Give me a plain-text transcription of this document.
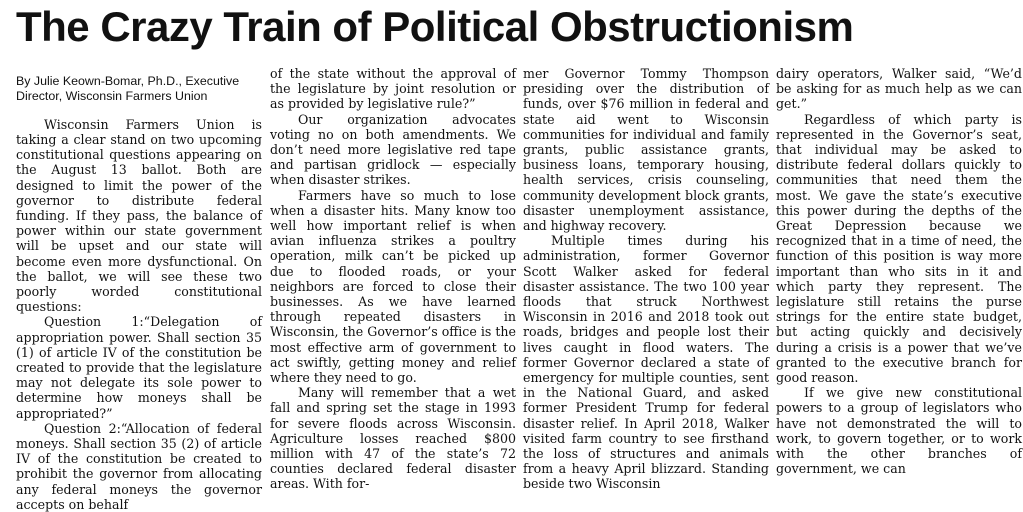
The Crazy Train of Political Obstructionism
By Julie Keown-Bomar, Ph.D., Executive
Director, Wisconsin Farmers Union

Wisconsin Farmers Union is taking a clear stand on two upcoming constitutional questions appearing on the August 13 ballot. Both are designed to limit the power of the governor to distribute federal funding. If they pass, the balance of power within our state government will be upset and our state will become even more dysfunctional. On the ballot, we will see these two poorly worded constitutional questions:

Question 1:“Delegation of appropriation power. Shall section 35 (1) of article IV of the constitution be created to provide that the legislature may not delegate its sole power to determine how moneys shall be appropriated?”

Question 2:“Allocation of federal moneys. Shall section 35 (2) of article IV of the constitution be created to prohibit the governor from allocating any federal moneys the governor accepts on behalf

of the state without the approval of the legislature by joint resolution or as provided by legislative rule?”

Our organization advocates voting no on both amendments. We don’t need more legislative red tape and partisan gridlock — especially when disaster strikes.

Farmers have so much to lose when a disaster hits. Many know too well how important relief is when avian influenza strikes a poultry operation, milk can’t be picked up due to flooded roads, or your neighbors are forced to close their businesses. As we have learned through repeated disasters in Wisconsin, the Governor’s office is the most effective arm of government to act swiftly, getting money and relief where they need to go.

Many will remember that a wet fall and spring set the stage in 1993 for severe floods across Wisconsin. Agriculture losses reached $800 million with 47 of the state’s 72 counties declared federal disaster areas. With for-

mer Governor Tommy Thompson presiding over the distribution of funds, over $76 million in federal and state aid went to Wisconsin communities for individual and family grants, public assistance grants, business loans, temporary housing, health services, crisis counseling, community development block grants, disaster unemployment assistance, and highway recovery.

Multiple times during his administration, former Governor Scott Walker asked for federal disaster assistance. The two 100 year floods that struck Northwest Wisconsin in 2016 and 2018 took out roads, bridges and people lost their lives caught in flood waters. The former Governor declared a state of emergency for multiple counties, sent in the National Guard, and asked former President Trump for federal disaster relief. In April 2018, Walker visited farm country to see firsthand the loss of structures and animals from a heavy April blizzard. Standing beside two Wisconsin

dairy operators, Walker said, “We’d be asking for as much help as we can get.”

Regardless of which party is represented in the Governor’s seat, that individual may be asked to distribute federal dollars quickly to communities that need them the most. We gave the state’s executive this power during the depths of the Great Depression because we recognized that in a time of need, the function of this position is way more important than who sits in it and which party they represent. The legislature still retains the purse strings for the entire state budget, but acting quickly and decisively during a crisis is a power that we’ve granted to the executive branch for good reason.

If we give new constitutional powers to a group of legislators who have not demonstrated the will to work, to govern together, or to work with the other branches of government, we can
